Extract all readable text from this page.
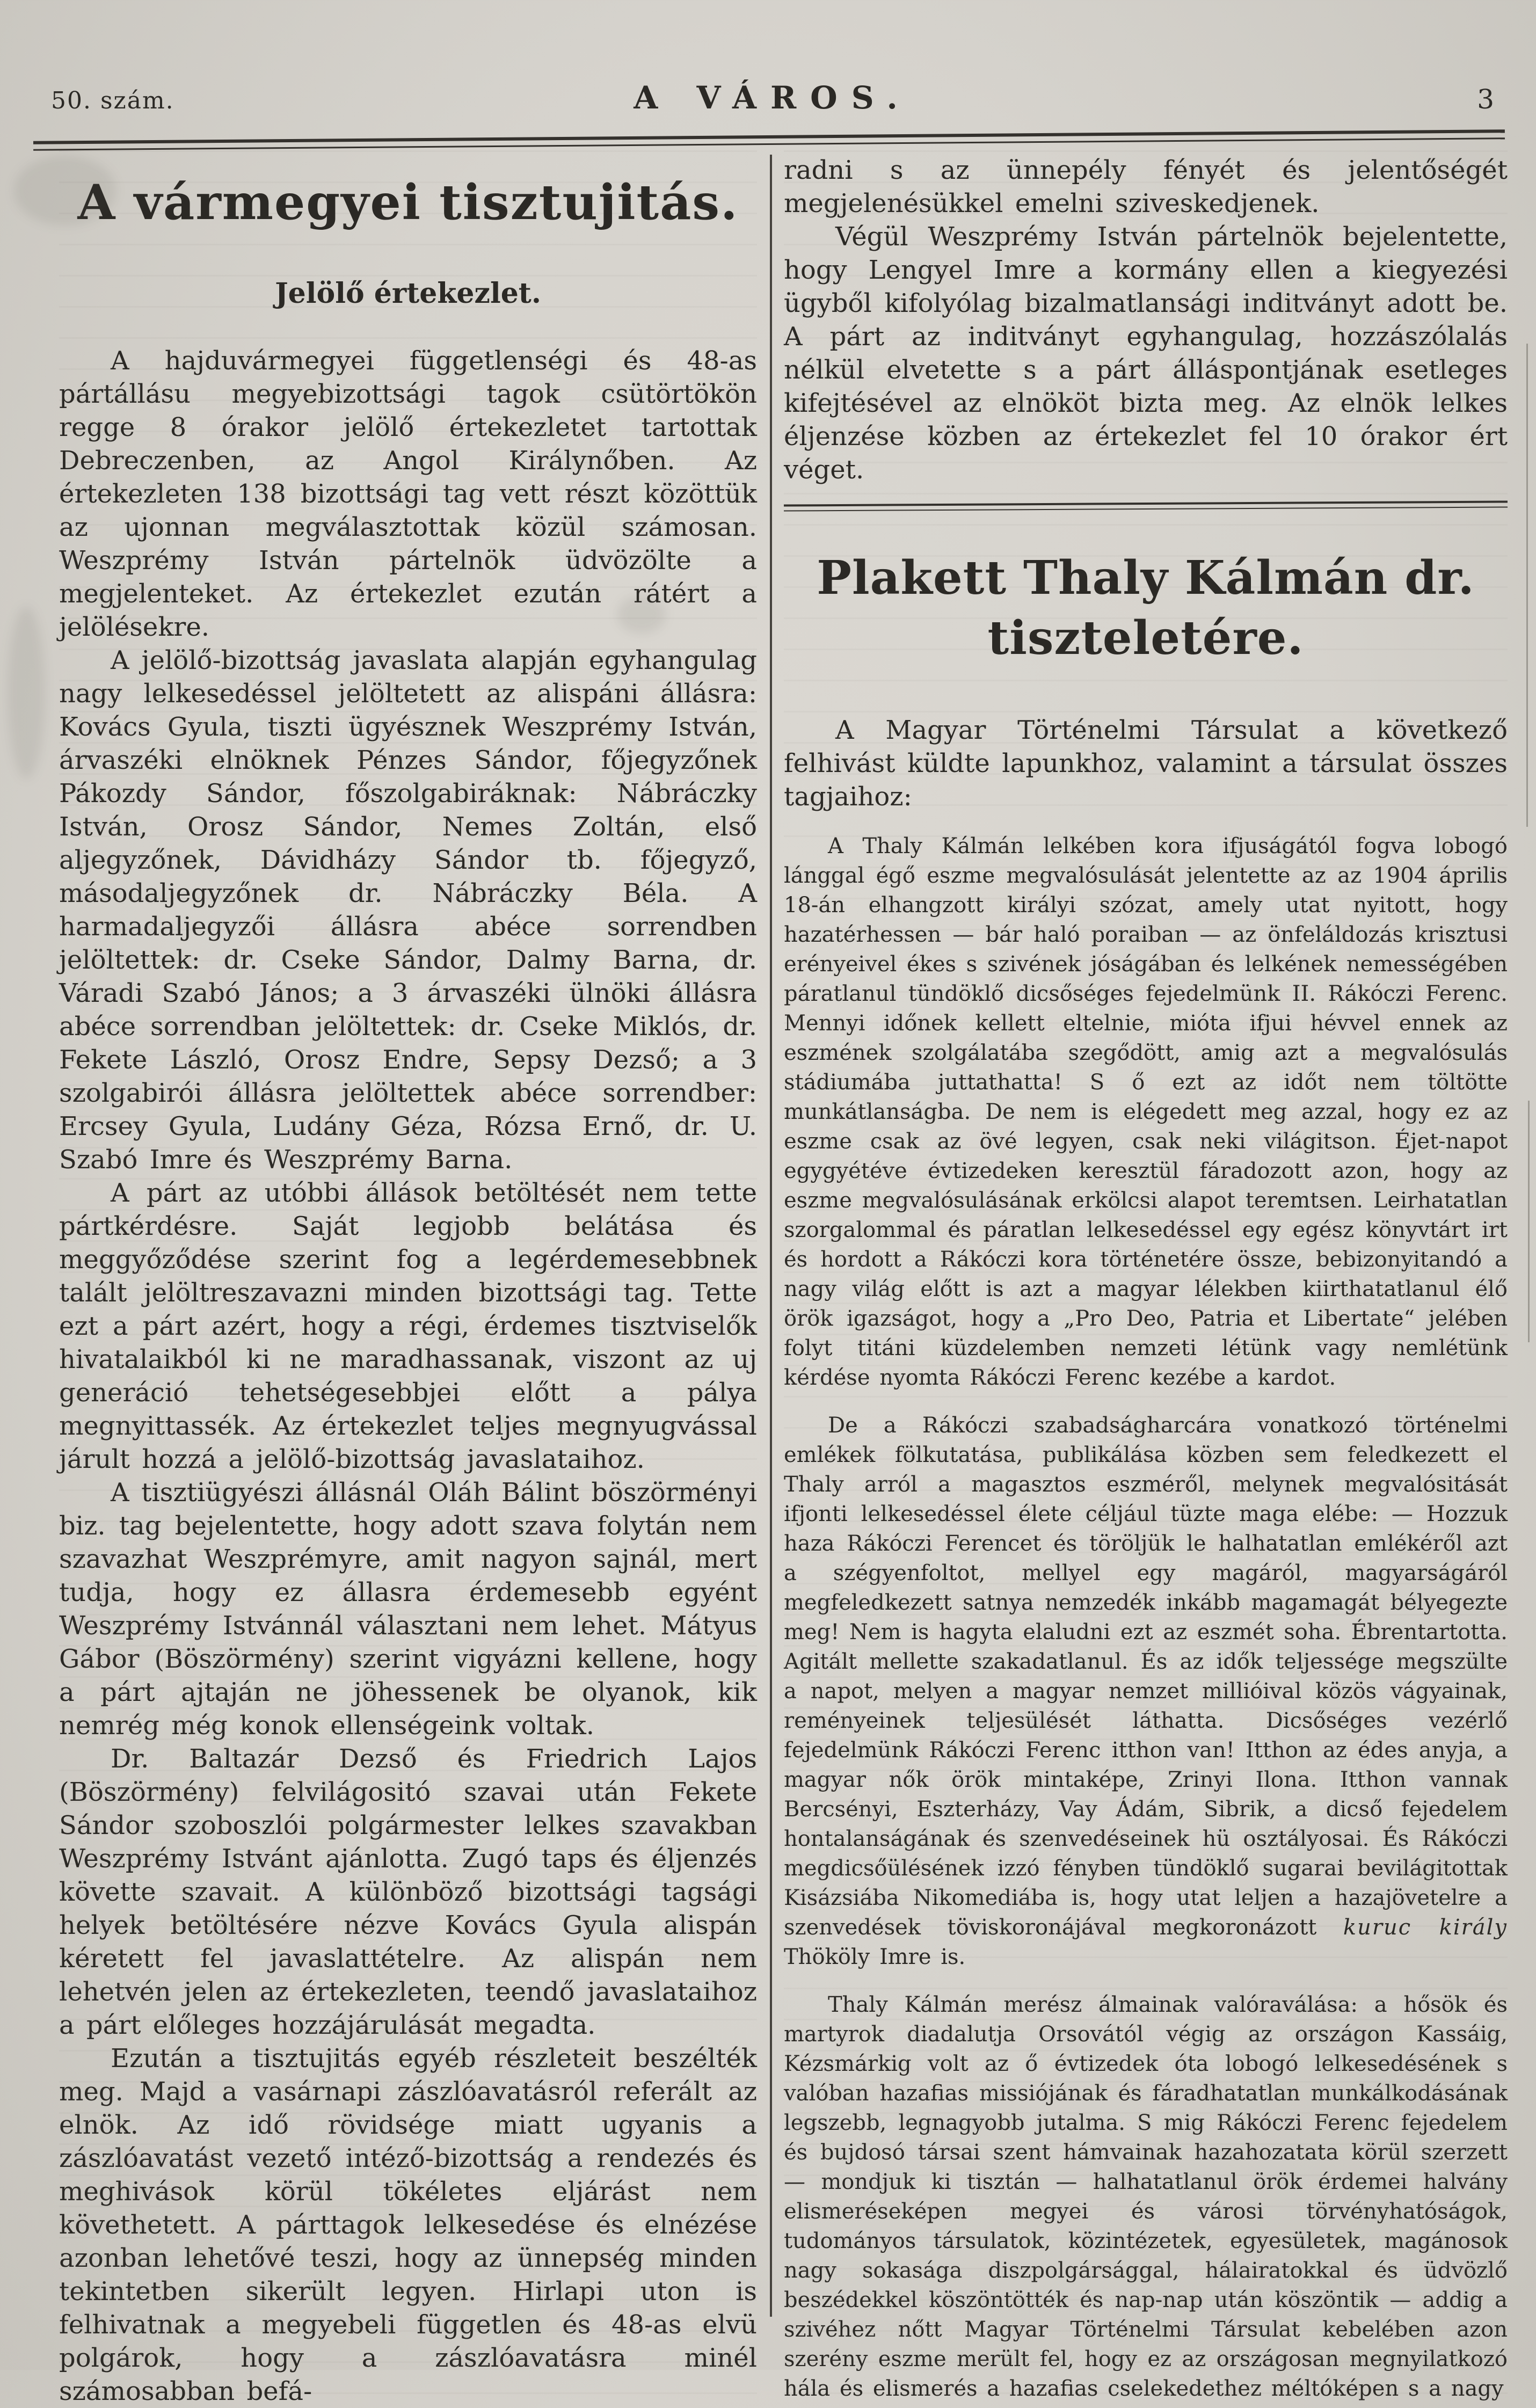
50. szám.	A VÁROS.	3
A vármegyei tisztujitás.
Jelölő értekezlet.

A hajduvármegyei függetlenségi és 48-as pártállásu megyebizottsági tagok csütörtökön regge 8 órakor jelölő értekezletet tartottak Debreczenben, az Angol Királynőben. Az értekezleten 138 bizottsági tag vett részt közöttük az ujonnan megválasztottak közül számosan. Weszprémy István pártelnök üdvözölte a megjelenteket. Az értekezlet ezután rátért a jelölésekre.

A jelölő-bizottság javaslata alapján egyhangulag nagy lelkesedéssel jelöltetett az alispáni állásra: Kovács Gyula, tiszti ügyésznek Weszprémy István, árvaszéki elnöknek Pénzes Sándor, főjegyzőnek Pákozdy Sándor, főszolgabiráknak: Nábráczky István, Orosz Sándor, Nemes Zoltán, első aljegyzőnek, Dávidházy Sándor tb. főjegyző, másodaljegyzőnek dr. Nábráczky Béla. A harmadaljegyzői állásra abéce sorrendben jelöltettek: dr. Cseke Sándor, Dalmy Barna, dr. Váradi Szabó János; a 3 árvaszéki ülnöki állásra abéce sorrendban jelöltettek: dr. Cseke Miklós, dr. Fekete László, Orosz Endre, Sepsy Dezső; a 3 szolgabirói állásra jelöltettek abéce sorrendber: Ercsey Gyula, Ludány Géza, Rózsa Ernő, dr. U. Szabó Imre és Weszprémy Barna.

A párt az utóbbi állások betöltését nem tette pártkérdésre. Saját legjobb belátása és meggyőződése szerint fog a legérdemesebbnek talált jelöltreszavazni minden bizottsági tag. Tette ezt a párt azért, hogy a régi, érdemes tisztviselők hivatalaikból ki ne maradhassanak, viszont az uj generáció tehetségesebbjei előtt a pálya megnyittassék. Az értekezlet teljes megnyugvással járult hozzá a jelölő-bizottság javaslataihoz.

A tisztiügyészi állásnál Oláh Bálint böszörményi biz. tag bejelentette, hogy adott szava folytán nem szavazhat Weszprémyre, amit nagyon sajnál, mert tudja, hogy ez állasra érdemesebb egyént Weszprémy Istvánnál választani nem lehet. Mátyus Gábor (Böszörmény) szerint vigyázni kellene, hogy a párt ajtaján ne jöhessenek be olyanok, kik nemrég még konok ellenségeink voltak.

Dr. Baltazár Dezső és Friedrich Lajos (Böszörmény) felvilágositó szavai után Fekete Sándor szoboszlói polgármester lelkes szavakban Weszprémy Istvánt ajánlotta. Zugó taps és éljenzés követte szavait. A különböző bizottsági tagsági helyek betöltésére nézve Kovács Gyula alispán kéretett fel javaslattételre. Az alispán nem lehetvén jelen az értekezleten, teendő javaslataihoz a párt előleges hozzájárulását megadta.

Ezután a tisztujitás egyéb részleteit beszélték meg. Majd a vasárnapi zászlóavatásról referált az elnök. Az idő rövidsége miatt ugyanis a zászlóavatást vezető intéző-bizottság a rendezés és meghivások körül tökéletes eljárást nem követhetett. A párttagok lelkesedése és elnézése azonban lehetővé teszi, hogy az ünnepség minden tekintetben sikerült legyen. Hirlapi uton is felhivatnak a megyebeli független és 48-as elvü polgárok, hogy a zászlóavatásra minél számosabban befá-

radni s az ünnepély fényét és jelentőségét megjelenésükkel emelni sziveskedjenek.

Végül Weszprémy István pártelnök bejelentette, hogy Lengyel Imre a kormány ellen a kiegyezési ügyből kifolyólag bizalmatlansági inditványt adott be. A párt az inditványt egyhangulag, hozzászólalás nélkül elvetette s a párt álláspontjának esetleges kifejtésével az elnököt bizta meg. Az elnök lelkes éljenzése közben az értekezlet fel 10 órakor ért véget.

Plakett Thaly Kálmán dr.
tiszteletére.

A Magyar Történelmi Társulat a következő felhivást küldte lapunkhoz, valamint a társulat összes tagjaihoz:

A Thaly Kálmán lelkében kora ifjuságától fogva lobogó lánggal égő eszme megvalósulását jelentette az az 1904 április 18-án elhangzott királyi szózat, amely utat nyitott, hogy hazatérhessen — bár haló poraiban — az önfeláldozás krisztusi erényeivel ékes s szivének jóságában és lelkének nemességében páratlanul tündöklő dicsőséges fejedelmünk II. Rákóczi Ferenc. Mennyi időnek kellett eltelnie, mióta ifjui hévvel ennek az eszmének szolgálatába szegődött, amig azt a megvalósulás stádiumába juttathatta! S ő ezt az időt nem töltötte munkátlanságba. De nem is elégedett meg azzal, hogy ez az eszme csak az övé legyen, csak neki világitson. Éjet-napot egygyétéve évtizedeken keresztül fáradozott azon, hogy az eszme megvalósulásának erkölcsi alapot teremtsen. Leirhatatlan szorgalommal és páratlan lelkesedéssel egy egész könyvtárt irt és hordott a Rákóczi kora történetére össze, bebizonyitandó a nagy világ előtt is azt a magyar lélekben kiirthatatlanul élő örök igazságot, hogy a „Pro Deo, Patria et Libertate“ jelében folyt titáni küzdelemben nemzeti létünk vagy nemlétünk kérdése nyomta Rákóczi Ferenc kezébe a kardot.

De a Rákóczi szabadságharcára vonatkozó történelmi emlékek fölkutatása, publikálása közben sem feledkezett el Thaly arról a magasztos eszméről, melynek megvalósitását ifjonti lelkesedéssel élete céljául tüzte maga elébe: — Hozzuk haza Rákóczi Ferencet és töröljük le halhatatlan emlékéről azt a szégyenfoltot, mellyel egy magáról, magyarságáról megfeledkezett satnya nemzedék inkább magamagát bélyegezte meg! Nem is hagyta elaludni ezt az eszmét soha. Ébrentartotta. Agitált mellette szakadatlanul. És az idők teljessége megszülte a napot, melyen a magyar nemzet millióival közös vágyainak, reményeinek teljesülését láthatta. Dicsőséges vezérlő fejedelmünk Rákóczi Ferenc itthon van! Itthon az édes anyja, a magyar nők örök mintaképe, Zrinyi Ilona. Itthon vannak Bercsényi, Eszterházy, Vay Ádám, Sibrik, a dicső fejedelem hontalanságának és szenvedéseinek hü osztályosai. És Rákóczi megdicsőülésének izzó fényben tündöklő sugarai bevilágitottak Kisázsiába Nikomediába is, hogy utat leljen a hazajövetelre a szenvedések töviskoronájával megkoronázott kuruc király Thököly Imre is.

Thaly Kálmán merész álmainak valóraválása: a hősök és martyrok diadalutja Orsovától végig az országon Kassáig, Kézsmárkig volt az ő évtizedek óta lobogó lelkesedésének s valóban hazafias missiójának és fáradhatatlan munkálkodásának legszebb, legnagyobb jutalma. S mig Rákóczi Ferenc fejedelem és bujdosó társai szent hámvainak hazahozatata körül szerzett — mondjuk ki tisztán — halhatatlanul örök érdemei halvány elismeréseképen megyei és városi törvényhatóságok, tudományos társulatok, közintézetek, egyesületek, magánosok nagy sokasága diszpolgársággal, hálairatokkal és üdvözlő beszédekkel köszöntötték és nap-nap után köszöntik — addig a szivéhez nőtt Magyar Történelmi Társulat kebelében azon szerény eszme merült fel, hogy ez az országosan megnyilatkozó hála és elismerés a hazafias cselekedethez méltóképen s a nagy
